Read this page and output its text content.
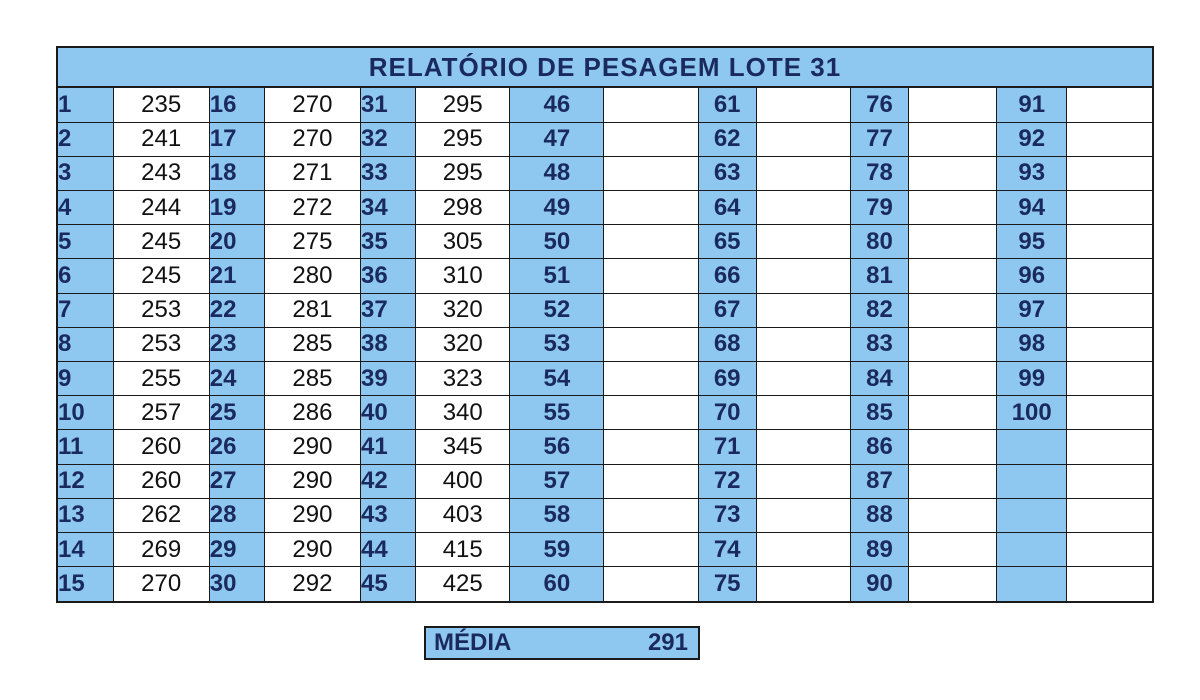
RELATÓRIO DE PESAGEM LOTE 31
1	235	16	270	31	295	46		61		76		91	
2	241	17	270	32	295	47		62		77		92	
3	243	18	271	33	295	48		63		78		93	
4	244	19	272	34	298	49		64		79		94	
5	245	20	275	35	305	50		65		80		95	
6	245	21	280	36	310	51		66		81		96	
7	253	22	281	37	320	52		67		82		97	
8	253	23	285	38	320	53		68		83		98	
9	255	24	285	39	323	54		69		84		99	
10	257	25	286	40	340	55		70		85		100	
11	260	26	290	41	345	56		71		86			
12	260	27	290	42	400	57		72		87			
13	262	28	290	43	403	58		73		88			
14	269	29	290	44	415	59		74		89			
15	270	30	292	45	425	60		75		90			
MÉDIA	291
